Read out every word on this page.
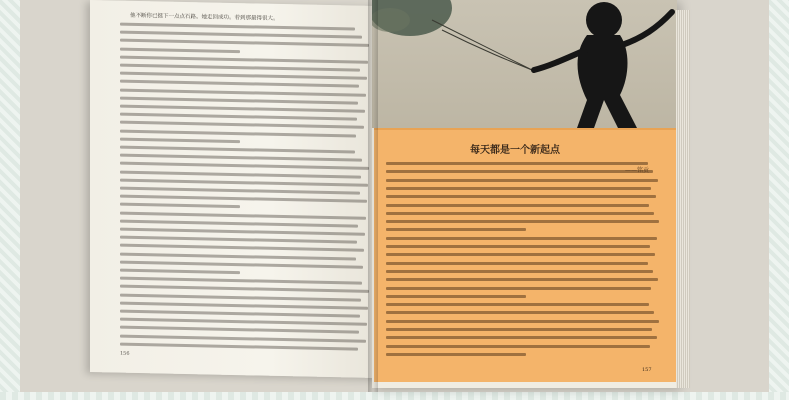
他不断你已挺下一点点石路。她走回成功。若到那最得很大。
156
每天都是一个新起点
——铭贡
157
